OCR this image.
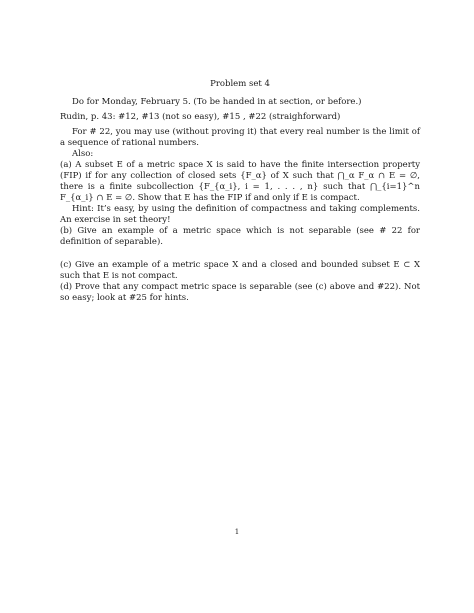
Problem set 4

Do for Monday, February 5. (To be handed in at section, or before.)

Rudin, p. 43: #12, #13 (not so easy), #15 , #22 (straighforward)

For # 22, you may use (without proving it) that every real number is the limit of a sequence of rational numbers.

Also:

(a) A subset E of a metric space X is said to have the finite intersection property (FIP) if for any collection of closed sets {F_α} of X such that ⋂_α F_α ∩ E = ∅, there is a finite subcollection {F_{α_i}, i = 1, . . . , n} such that ⋂_{i=1}^n F_{α_i} ∩ E = ∅. Show that E has the FIP if and only if E is compact.

Hint: It’s easy, by using the definition of compactness and taking complements. An exercise in set theory!

(b) Give an example of a metric space which is not separable (see # 22 for definition of separable).

(c) Give an example of a metric space X and a closed and bounded subset E ⊂ X such that E is not compact.

(d) Prove that any compact metric space is separable (see (c) above and #22). Not so easy; look at #25 for hints.

1
